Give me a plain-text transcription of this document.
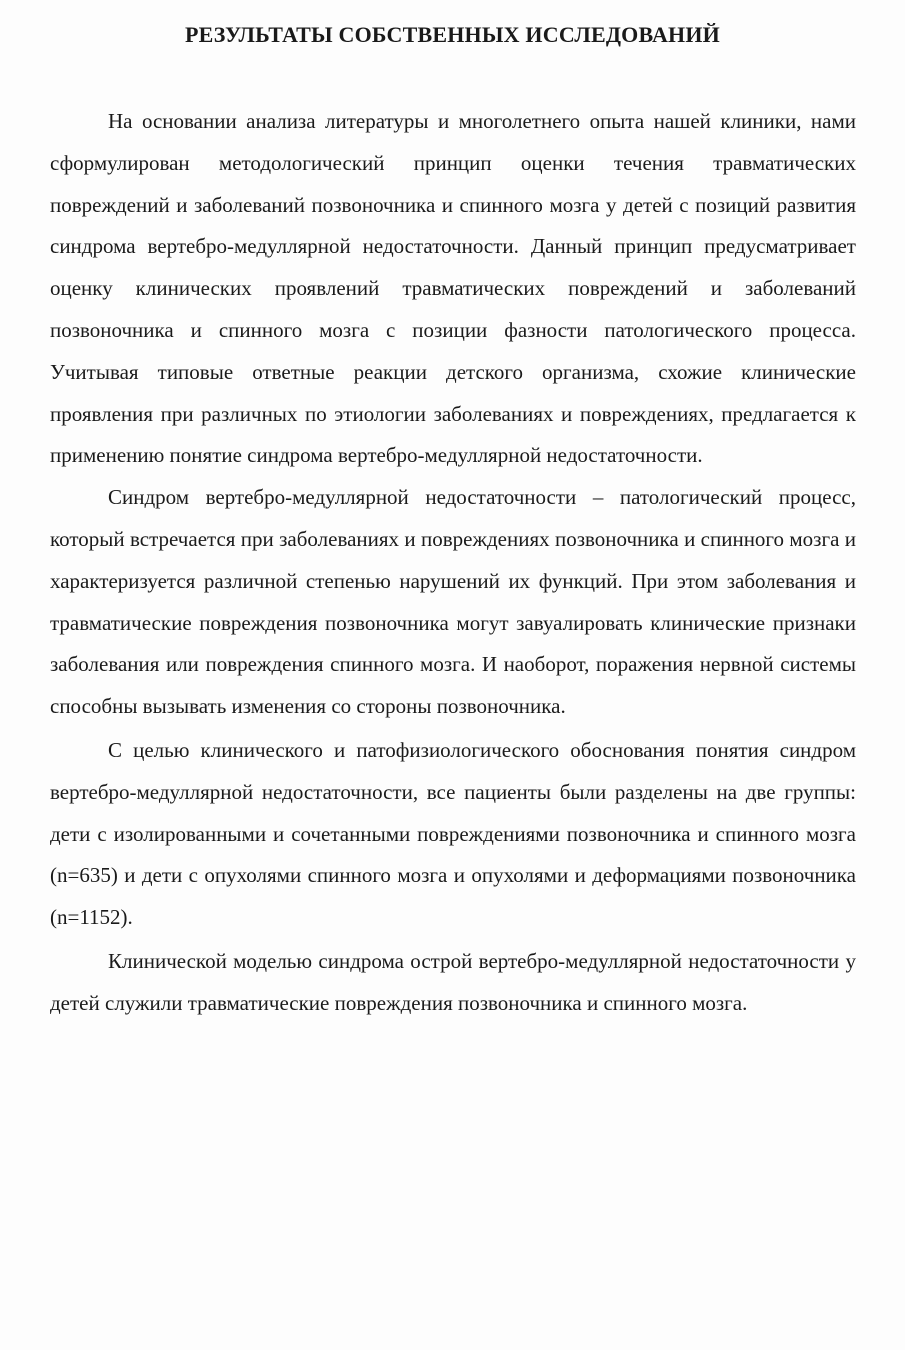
РЕЗУЛЬТАТЫ СОБСТВЕННЫХ ИССЛЕДОВАНИЙ

На основании анализа литературы и многолетнего опыта нашей клиники, нами сформулирован методологический принцип оценки течения травматических повреждений и заболеваний позвоночника и спинного мозга у детей с позиций развития синдрома вертебро-медуллярной недостаточности. Данный принцип предусматривает оценку клинических проявлений травматических повреждений и заболеваний позвоночника и спинного мозга с позиции фазности патологического процесса. Учитывая типовые ответные реакции детского организма, схожие клинические проявления при различных по этиологии заболеваниях и повреждениях, предлагается к применению понятие синдрома вертебро-медуллярной недостаточности.

Синдром вертебро-медуллярной недостаточности – патологический процесс, который встречается при заболеваниях и повреждениях позвоночника и спинного мозга и характеризуется различной степенью нарушений их функций. При этом заболевания и травматические повреждения позвоночника могут завуалировать клинические признаки заболевания или повреждения спинного мозга. И наоборот, поражения нервной системы способны вызывать изменения со стороны позвоночника.

С целью клинического и патофизиологического обоснования понятия синдром вертебро-медуллярной недостаточности, все пациенты были разделены на две группы: дети с изолированными и сочетанными повреждениями позвоночника и спинного мозга (n=635) и дети с опухолями спинного мозга и опухолями и деформациями позвоночника (n=1152).

Клинической моделью синдрома острой вертебро-медуллярной недостаточности у детей служили травматические повреждения позвоночника и спинного мозга.
